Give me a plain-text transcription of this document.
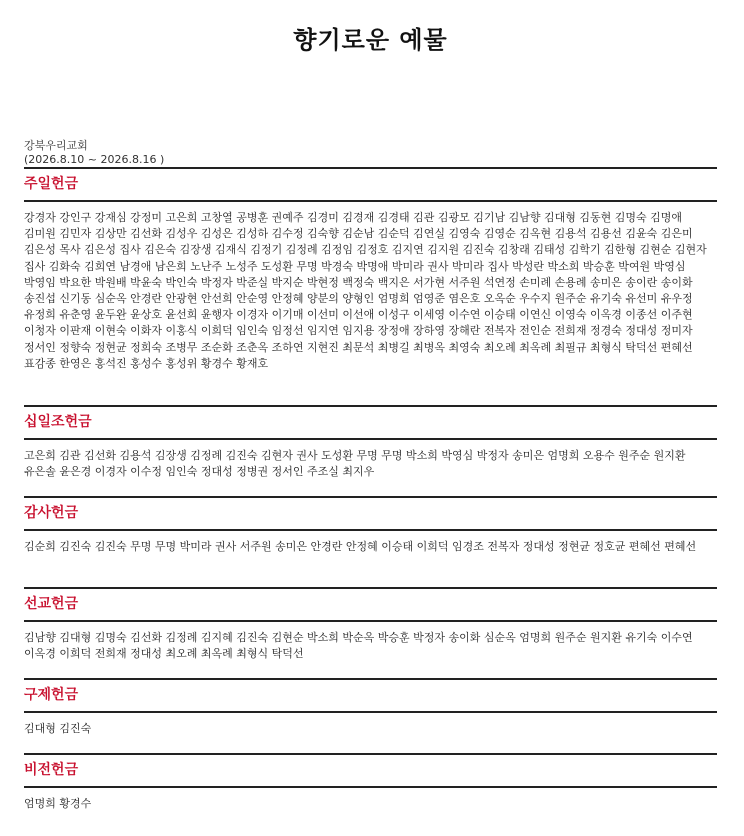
향기로운 예물
강북우리교회
(2026.8.10 ~ 2026.8.16 )
주일헌금

강경자 강인구 강재심 강정미 고은희 고창열 공병훈 권예주 김경미 김경재 김경태 김관 김광모 김기남 김남향 김대형 김동현 김명숙 김명애 김미원 김민자 김상만 김선화 김성우 김성은 김성하 김수정 김숙향 김순남 김순덕 김연실 김영숙 김영순 김옥현 김용석 김용선 김윤숙 김은미 김은성 목사 김은성 집사 김은숙 김장생 김재식 김정기 김정례 김정임 김정호 김지연 김지원 김진숙 김창래 김태성 김학기 김한형 김현순 김현자 집사 김화숙 김희연 남경애 남은희 노난주 노성주 도성환 무명 박경숙 박명애 박미라 권사 박미라 집사 박성란 박소희 박승훈 박여원 박영심 박영임 박요한 박원배 박윤숙 박인숙 박정자 박준실 박지순 박현정 백정숙 백지은 서가현 서주원 석연정 손미례 손용례 송미은 송이란 송이화 송진섭 신기동 심순옥 안경란 안광현 안선희 안순영 안정혜 양분의 양형인 엄명희 엄영준 염은호 오옥순 우수지 원주순 유기숙 유선미 유우정 유정희 유춘영 윤두완 윤상호 윤선희 윤행자 이경자 이기매 이선미 이선애 이성구 이세영 이수연 이승태 이연신 이영숙 이옥경 이종선 이주현 이청자 이판재 이현숙 이화자 이홍식 이희덕 임인숙 임정선 임지연 임지용 장정애 장하영 장해란 전복자 전인순 전희재 정경숙 정대성 정미자 정서인 정향숙 정현균 정희숙 조병무 조순화 조춘옥 조하연 지현진 최문석 최병길 최병옥 최영숙 최오례 최옥례 최필규 최형식 탁덕선 편혜선 표감종 한영은 홍석진 홍성수 홍성위 황경수 황재호

십일조헌금

고은희 김관 김선화 김용석 김장생 김정례 김진숙 김현자 권사 도성환 무명 무명 박소희 박영심 박정자 송미은 엄명희 오용수 원주순 원지환 유은솔 윤은경 이경자 이수정 임인숙 정대성 정병권 정서인 주조실 최지우

감사헌금

김순희 김진숙 김진숙 무명 무명 박미라 권사 서주원 송미은 안경란 안정혜 이승태 이희덕 임경조 전복자 정대성 정현균 정호균 편혜선 편혜선

선교헌금

김남향 김대형 김명숙 김선화 김정례 김지혜 김진숙 김현순 박소희 박순옥 박승훈 박정자 송이화 심순옥 엄명희 원주순 원지환 유기숙 이수연 이옥경 이희덕 전희재 정대성 최오례 최옥례 최형식 탁덕선

구제헌금

김대형 김진숙

비전헌금

엄명희 황경수
